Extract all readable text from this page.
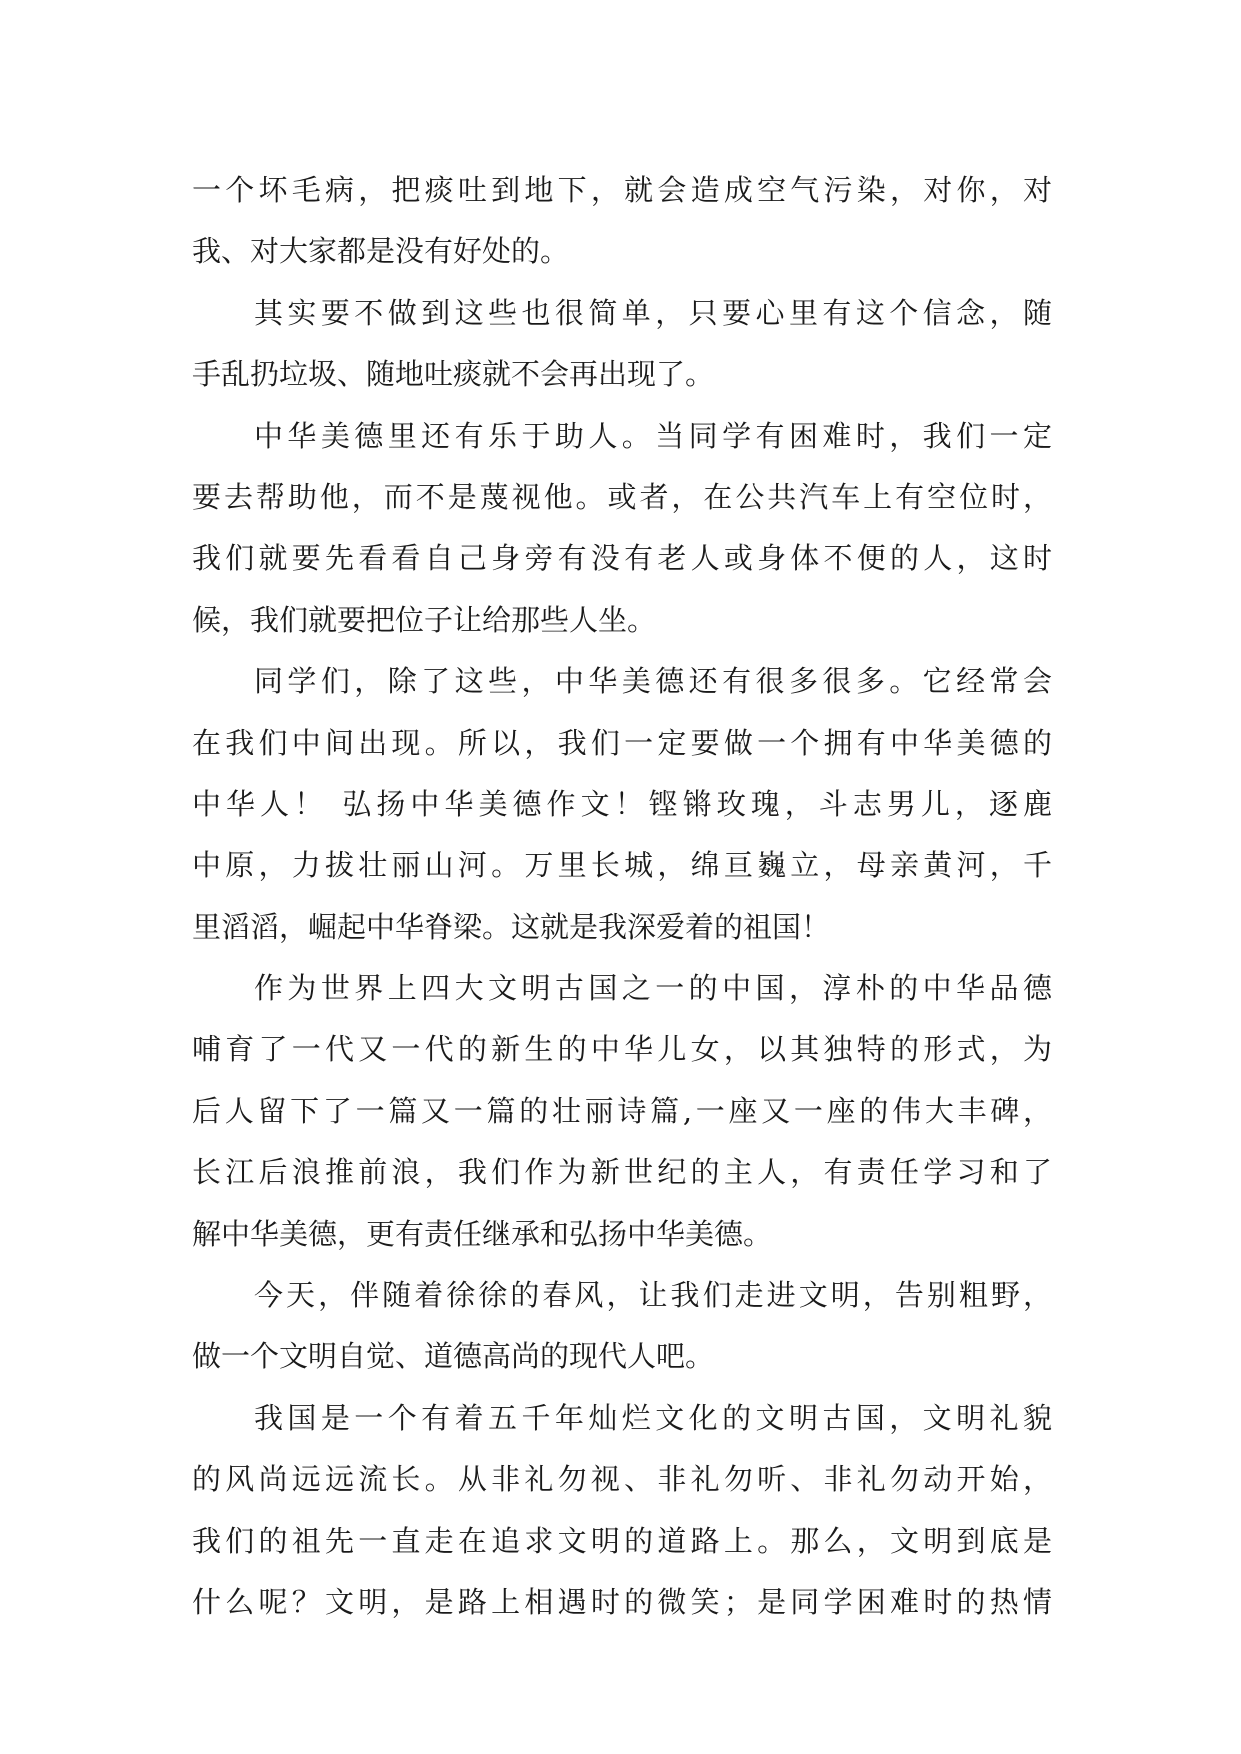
一个坏毛病，把痰吐到地下，就会造成空气污染，对你，对
我、对大家都是没有好处的。
其实要不做到这些也很简单，只要心里有这个信念，随
手乱扔垃圾、随地吐痰就不会再出现了。
中华美德里还有乐于助人。当同学有困难时，我们一定
要去帮助他，而不是蔑视他。或者，在公共汽车上有空位时，
我们就要先看看自己身旁有没有老人或身体不便的人，这时
候，我们就要把位子让给那些人坐。
同学们，除了这些，中华美德还有很多很多。它经常会
在我们中间出现。所以，我们一定要做一个拥有中华美德的
中华人！ 弘扬中华美德作文！铿锵玫瑰，斗志男儿，逐鹿
中原，力拔壮丽山河。万里长城，绵亘巍立，母亲黄河，千
里滔滔，崛起中华脊梁。这就是我深爱着的祖国！
作为世界上四大文明古国之一的中国，淳朴的中华品德
哺育了一代又一代的新生的中华儿女，以其独特的形式，为
后人留下了一篇又一篇的壮丽诗篇,一座又一座的伟大丰碑，
长江后浪推前浪，我们作为新世纪的主人，有责任学习和了
解中华美德，更有责任继承和弘扬中华美德。
今天，伴随着徐徐的春风，让我们走进文明，告别粗野，
做一个文明自觉、道德高尚的现代人吧。
我国是一个有着五千年灿烂文化的文明古国，文明礼貌
的风尚远远流长。从非礼勿视、非礼勿听、非礼勿动开始，
我们的祖先一直走在追求文明的道路上。那么，文明到底是
什么呢？文明，是路上相遇时的微笑；是同学困难时的热情
